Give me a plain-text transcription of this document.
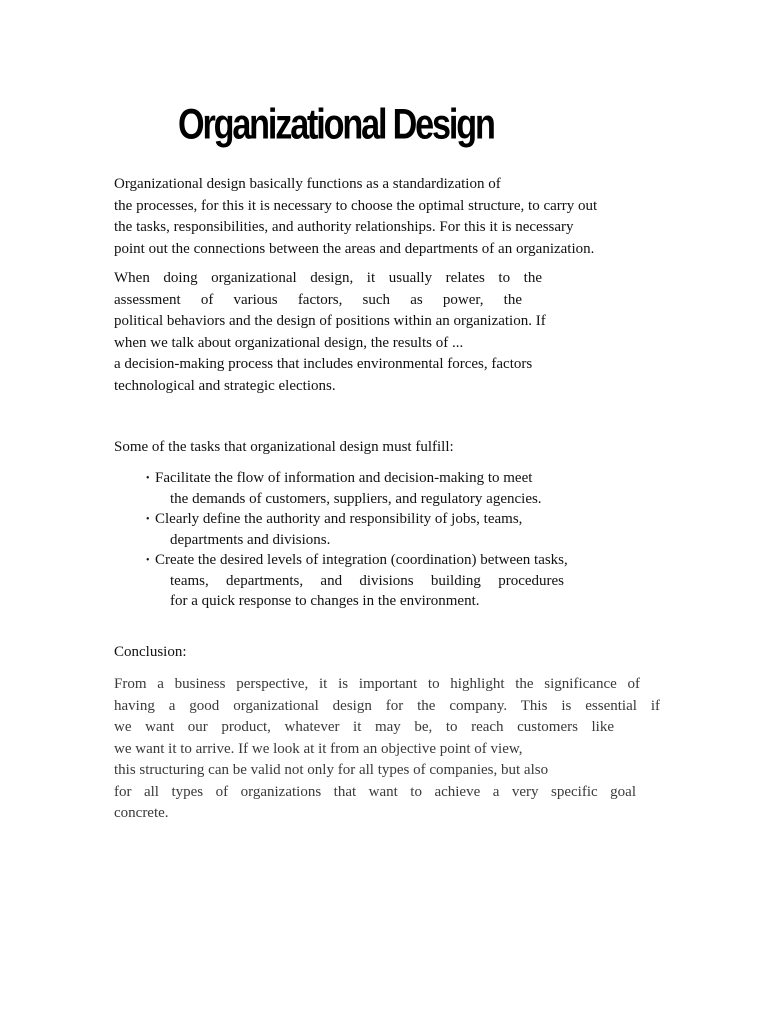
Organizational Design

Organizational design basically functions as a standardization of
the processes, for this it is necessary to choose the optimal structure, to carry out
the tasks, responsibilities, and authority relationships. For this it is necessary
point out the connections between the areas and departments of an organization.

When doing organizational design, it usually relates to the
assessment of various factors, such as power, the
political behaviors and the design of positions within an organization. If
when we talk about organizational design, the results of ...
a decision-making process that includes environmental forces, factors
technological and strategic elections.

Some of the tasks that organizational design must fulfill:

• Facilitate the flow of information and decision-making to meet
the demands of customers, suppliers, and regulatory agencies.
• Clearly define the authority and responsibility of jobs, teams,
departments and divisions.
• Create the desired levels of integration (coordination) between tasks,
teams, departments, and divisions building procedures
for a quick response to changes in the environment.

Conclusion:

From a business perspective, it is important to highlight the significance of
having a good organizational design for the company. This is essential if
we want our product, whatever it may be, to reach customers like
we want it to arrive. If we look at it from an objective point of view,
this structuring can be valid not only for all types of companies, but also
for all types of organizations that want to achieve a very specific goal
concrete.
